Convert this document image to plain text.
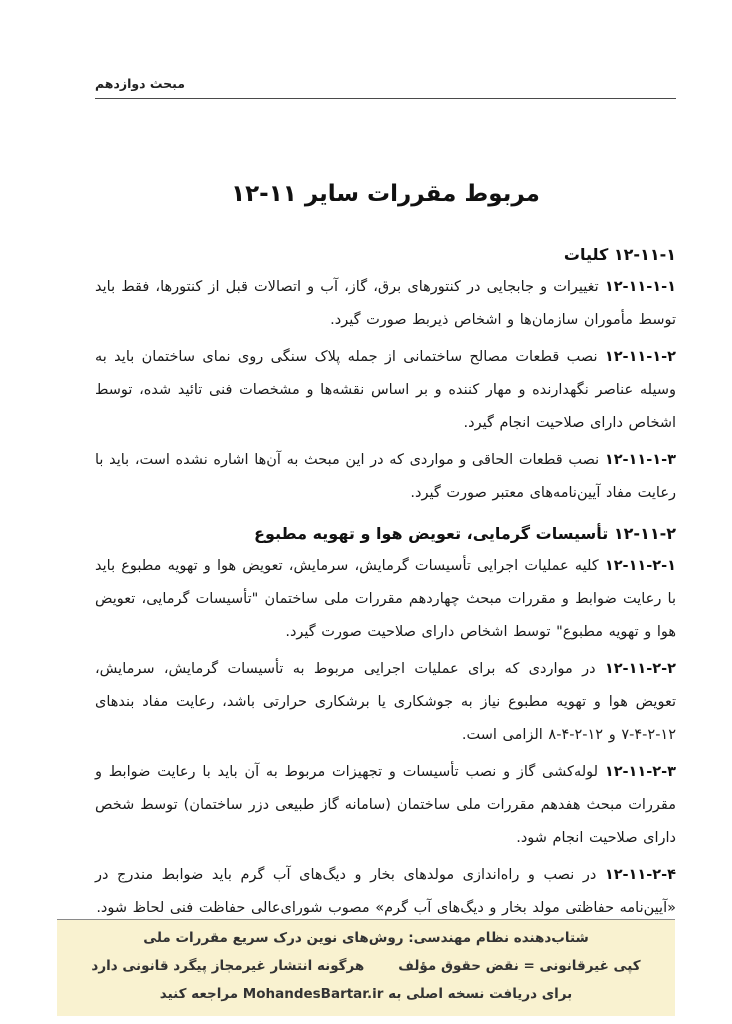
مبحث دوازدهم
۱۲-۱۱ سایر مقررات مربوط
۱۲-۱۱-۱ کلیات

۱۲-۱۱-۱-۱ تغییرات و جابجایی در کنتورهای برق، گاز، آب و اتصالات قبل از کنتورها، فقط باید توسط مأموران سازمان‌ها و اشخاص ذیربط صورت گیرد.

۱۲-۱۱-۱-۲ نصب قطعات مصالح ساختمانی از جمله پلاک سنگی روی نمای ساختمان باید به وسیله عناصر نگهدارنده و مهار کننده و بر اساس نقشه‌ها و مشخصات فنی تائید شده، توسط اشخاص دارای صلاحیت انجام گیرد.

۱۲-۱۱-۱-۳ نصب قطعات الحاقی و مواردی که در این مبحث به آن‌ها اشاره نشده است، باید با رعایت مفاد آیین‌نامه‌های معتبر صورت گیرد.

۱۲-۱۱-۲ تأسیسات گرمایی، تعویض هوا و تهویه مطبوع

۱۲-۱۱-۲-۱ کلیه عملیات اجرایی تأسیسات گرمایش، سرمایش، تعویض هوا و تهویه مطبوع باید با رعایت ضوابط و مقررات مبحث چهاردهم مقررات ملی ساختمان "تأسیسات گرمایی، تعویض هوا و تهویه مطبوع" توسط اشخاص دارای صلاحیت صورت گیرد.

۱۲-۱۱-۲-۲ در مواردی که برای عملیات اجرایی مربوط به تأسیسات گرمایش، سرمایش، تعویض هوا و تهویه مطبوع نیاز به جوشکاری یا برشکاری حرارتی باشد، رعایت مفاد بندهای ۱۲-۲-۴-۷ و ۱۲-۲-۴-۸ الزامی است.

۱۲-۱۱-۲-۳ لوله‌کشی گاز و نصب تأسیسات و تجهیزات مربوط به آن باید با رعایت ضوابط و مقررات مبحث هفدهم مقررات ملی ساختمان (سامانه گاز طبیعی دزر ساختمان) توسط شخص دارای صلاحیت انجام شود.

۱۲-۱۱-۲-۴ در نصب و راه‌اندازی مولدهای بخار و دیگ‌های آب گرم باید ضوابط مندرج در «آیین‌نامه حفاظتی مولد بخار و دیگ‌های آب گرم» مصوب شورای‌عالی حفاظت فنی لحاظ شود.

شتاب‌دهنده نظام مهندسی: روش‌های نوین درک سریع مقررات ملی
کپی غیرقانونی = نقض حقوق مؤلفهرگونه انتشار غیرمجاز پیگرد قانونی دارد
برای دریافت نسخه اصلی به MohandesBartar.ir مراجعه کنید
